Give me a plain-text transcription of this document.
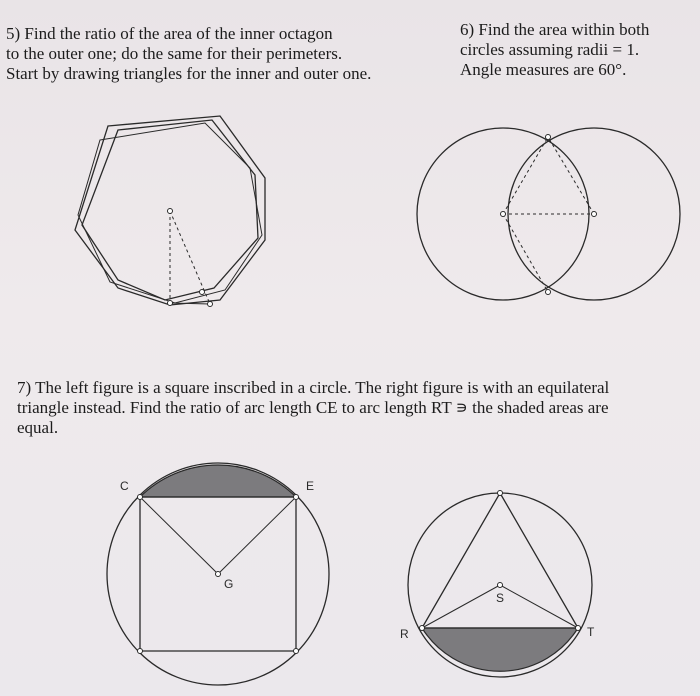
5) Find the ratio of the area of the inner octagon
to the outer one; do the same for their perimeters.
Start by drawing triangles for the inner and outer one.
6) Find the area within both
circles assuming radii = 1.
Angle measures are 60°.
7) The left figure is a square inscribed in a circle. The right figure is with an equilateral
triangle instead. Find the ratio of arc length CE to arc length RT ∍ the shaded areas are
equal.
C	E
G
R
S
T
